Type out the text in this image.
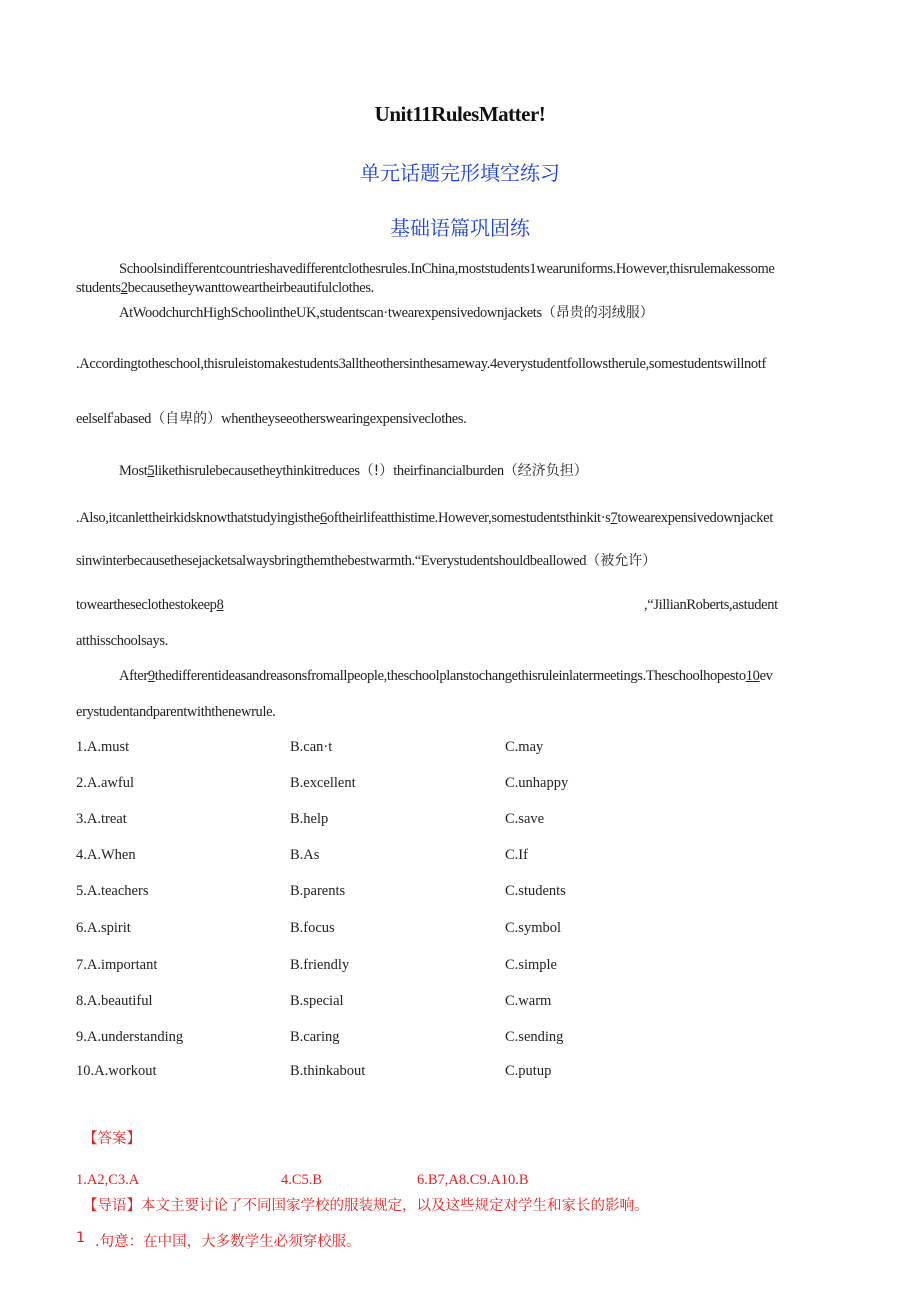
Unit11RulesMatter!
单元话题完形填空练习
基础语篇巩固练
Schoolsindifferentcountrieshavedifferentclothesrules.InChina,moststudents1wearuniforms.However,thisrulemakessome
students2becausetheywanttoweartheirbeautifulclothes.
AtWoodchurchHighSchoolintheUK,studentscan·twearexpensivedownjackets（昂贵的羽绒服）
.Accordingtotheschool,thisruleistomakestudents3alltheothersinthesameway.4everystudentfollowstherule,somestudentswillnotf
eelself!abased（自卑的）whentheyseeotherswearingexpensiveclothes.
Most5likethisrulebecausetheythinkitreduces（!）theirfinancialburden（经济负担）
.Also,itcanlettheirkidsknowthatstudyingisthe6oftheirlifeatthistime.However,somestudentsthinkit·s7towearexpensivedownjacket
sinwinterbecausethesejacketsalwaysbringthemthebestwarmth.“Everystudentshouldbeallowed（被允许）
toweartheseclothestokeep8	,“JillianRoberts,astudent
atthisschoolsays.
After9thedifferentideasandreasonsfromallpeople,theschoolplanstochangethisruleinlatermeetings.Theschoolhopesto10ev
erystudentandparentwiththenewrule.
1.A.must	B.can·t	C.may
2.A.awful	B.excellent	C.unhappy
3.A.treat	B.help	C.save
4.A.When	B.As	C.If
5.A.teachers	B.parents	C.students
6.A.spirit	B.focus	C.symbol
7.A.important	B.friendly	C.simple
8.A.beautiful	B.special	C.warm
9.A.understanding	B.caring	C.sending
10.A.workout	B.thinkabout	C.putup
【答案】
1.A2,C3.A	4.C5.B	6.B7,A8.C9.A10.B
【导语】本文主要讨论了不同国家学校的服装规定，以及这些规定对学生和家长的影响。
1 .句意：在中国，大多数学生必须穿校服。
